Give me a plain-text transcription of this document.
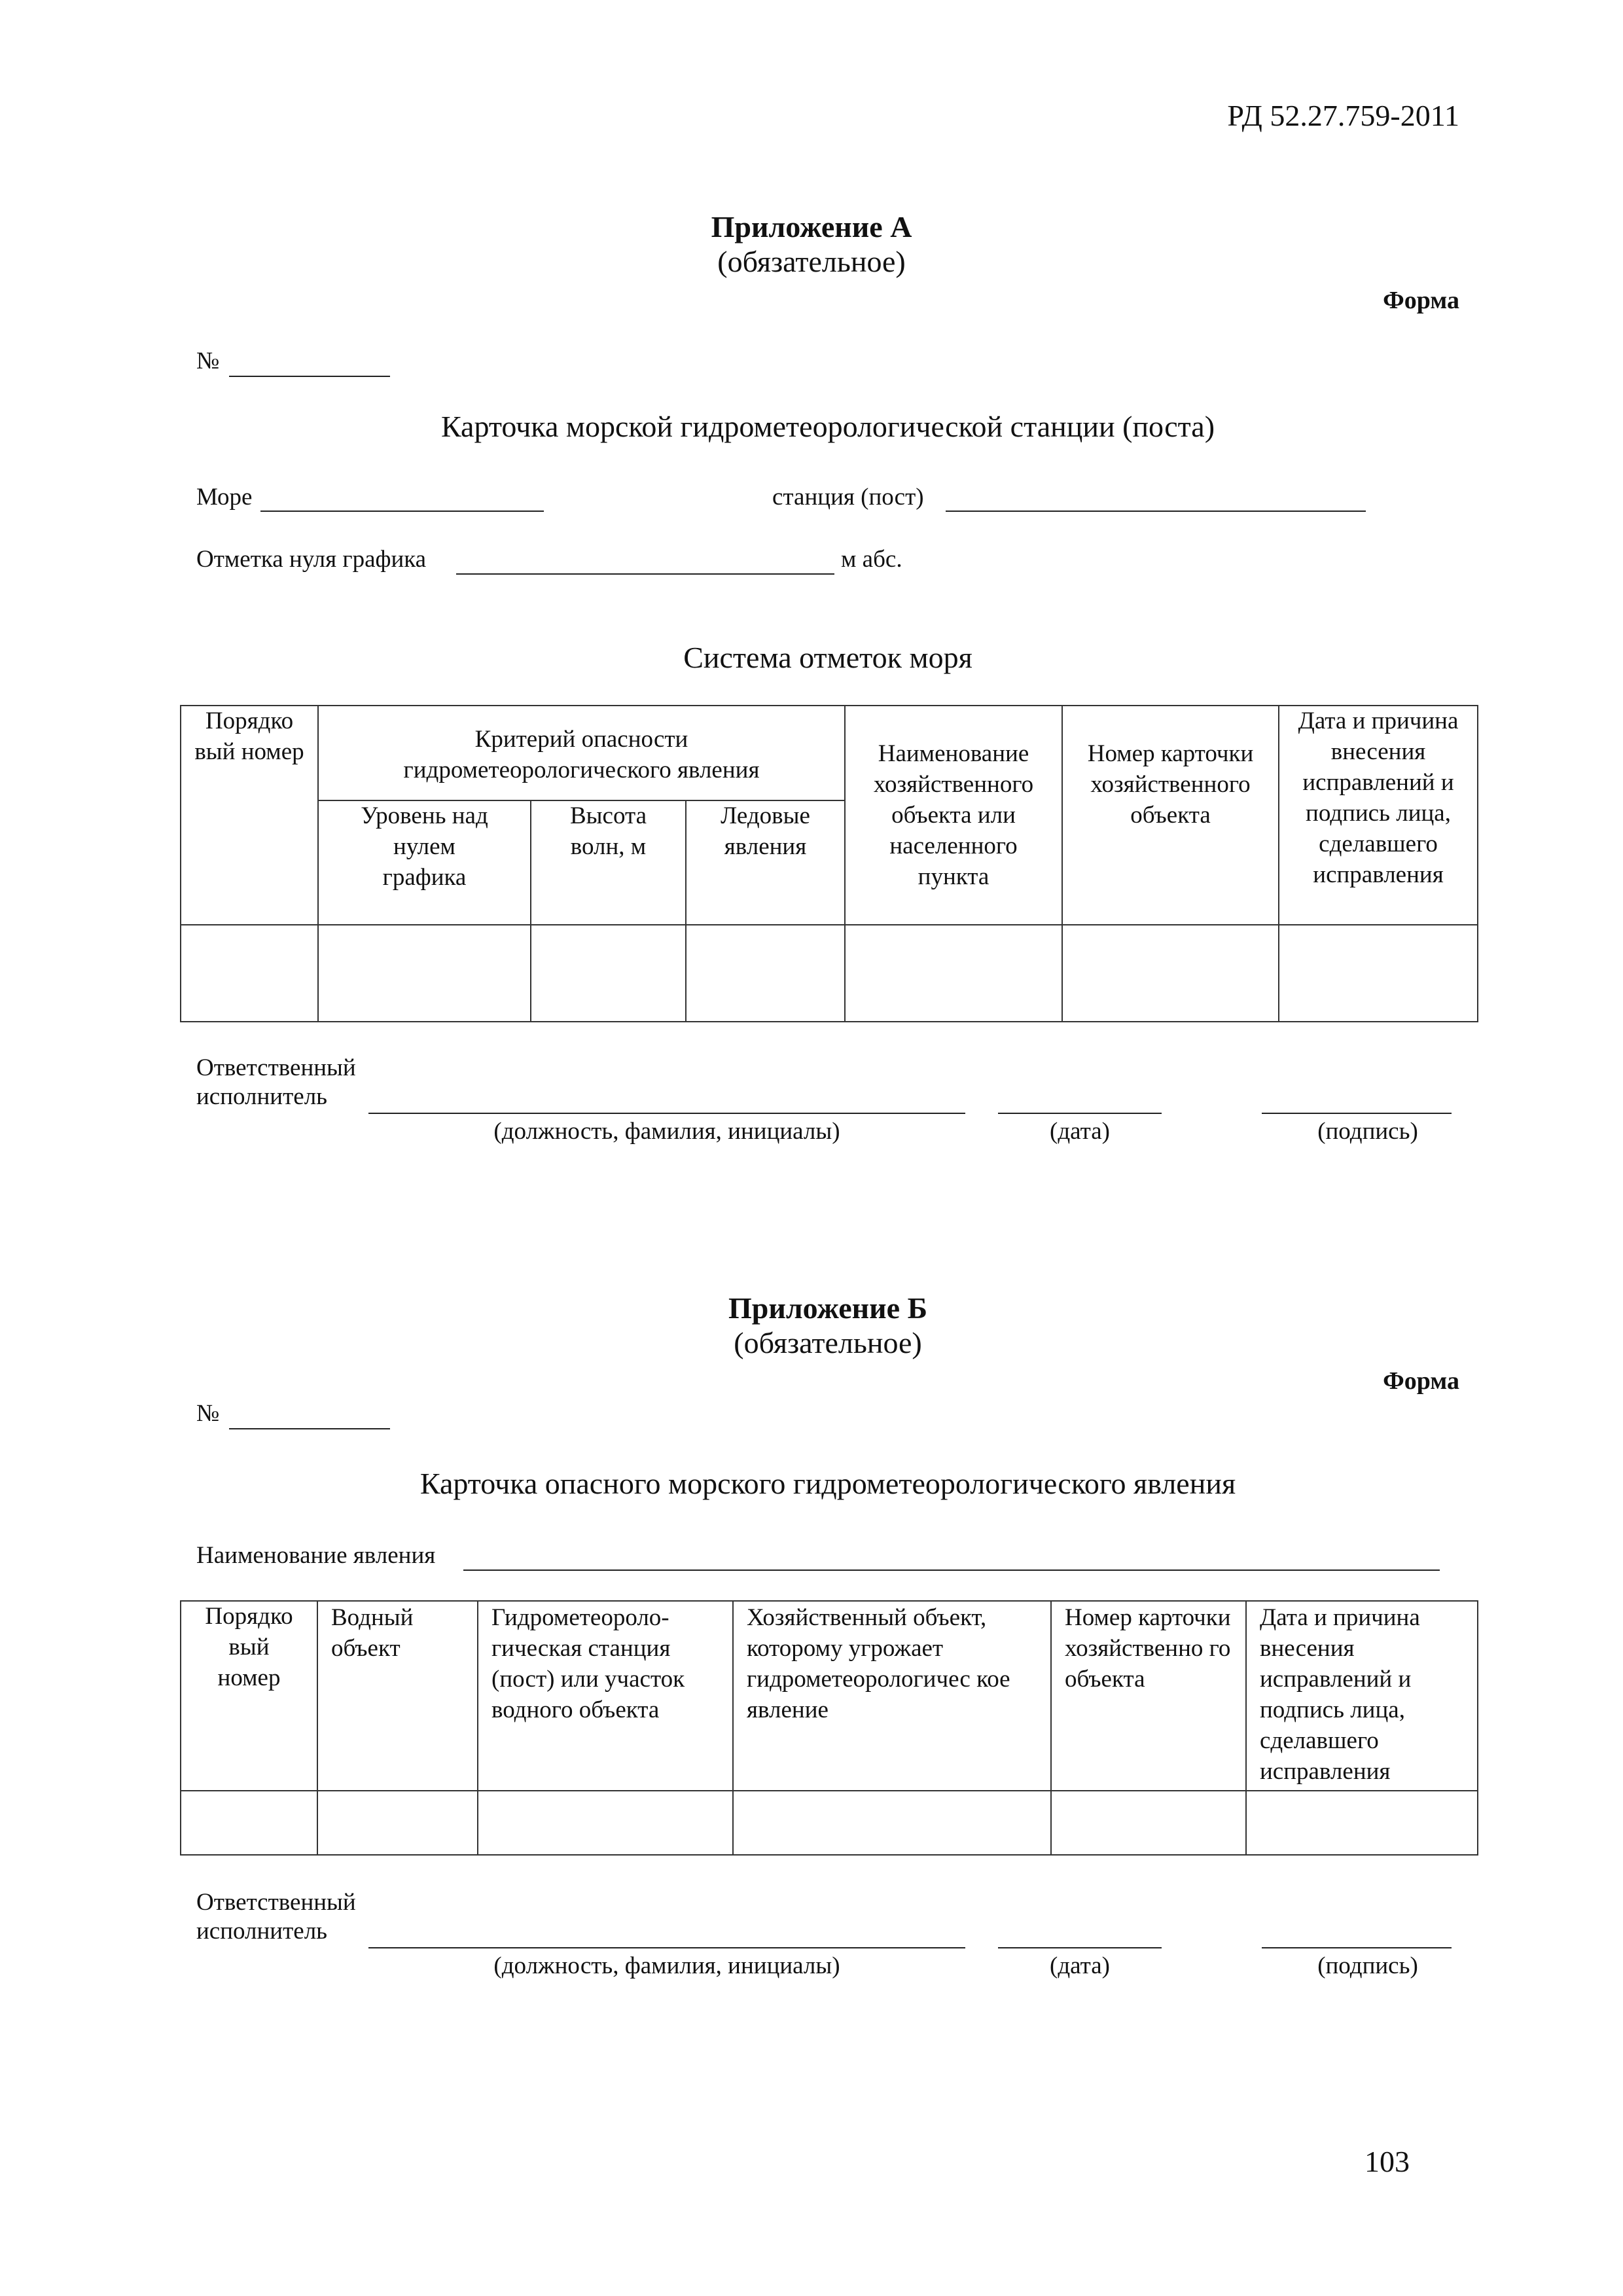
РД 52.27.759-2011
Приложение А
(обязательное)
Форма
№
Карточка морской гидрометеорологической станции (поста)
Море	станция (пост)
Отметка нуля графика	м абс.
Система отметок моря
Порядко вый номер	Критерий опасности гидрометеорологического явления			Наименование хозяйственного объекта или населенного пункта	Номер карточки хозяйственного объекта	Дата и причина внесения исправлений и подпись лица, сделавшего исправления

	Уровень над нулем графика	Высота волн, м	Ледовые явления			

Ответственный
исполнитель
(должность, фамилия, инициалы)	(дата)	(подпись)
Приложение Б
(обязательное)
Форма
№
Карточка опасного морского гидрометеорологического явления
Наименование явления
Порядко вый номер	Водный объект	Гидрометеороло-гическая станция (пост) или участок водного объекта	Хозяйственный объект, которому угрожает гидрометеорологичес кое явление	Номер карточки хозяйственно го объекта	Дата и причина внесения исправлений и подпись лица, сделавшего исправления

Ответственный
исполнитель
(должность, фамилия, инициалы)	(дата)	(подпись)
103
